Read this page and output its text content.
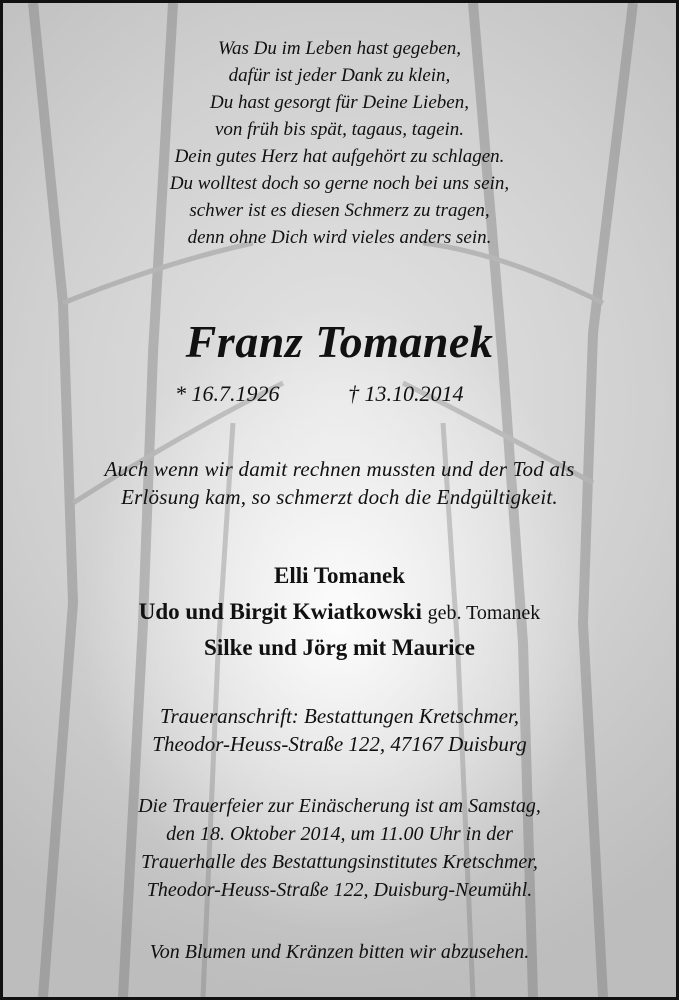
Was Du im Leben hast gegeben,
dafür ist jeder Dank zu klein,
Du hast gesorgt für Deine Lieben,
von früh bis spät, tagaus, tagein.
Dein gutes Herz hat aufgehört zu schlagen.
Du wolltest doch so gerne noch bei uns sein,
schwer ist es diesen Schmerz zu tragen,
denn ohne Dich wird vieles anders sein.
Franz Tomanek
* 16.7.1926	† 13.10.2014
Auch wenn wir damit rechnen mussten und der Tod als
Erlösung kam, so schmerzt doch die Endgültigkeit.
Elli Tomanek
Udo und Birgit Kwiatkowski geb. Tomanek
Silke und Jörg mit Maurice
Traueranschrift: Bestattungen Kretschmer,
Theodor-Heuss-Straße 122, 47167 Duisburg
Die Trauerfeier zur Einäscherung ist am Samstag,
den 18. Oktober 2014, um 11.00 Uhr in der
Trauerhalle des Bestattungsinstitutes Kretschmer,
Theodor-Heuss-Straße 122, Duisburg-Neumühl.
Von Blumen und Kränzen bitten wir abzusehen.
